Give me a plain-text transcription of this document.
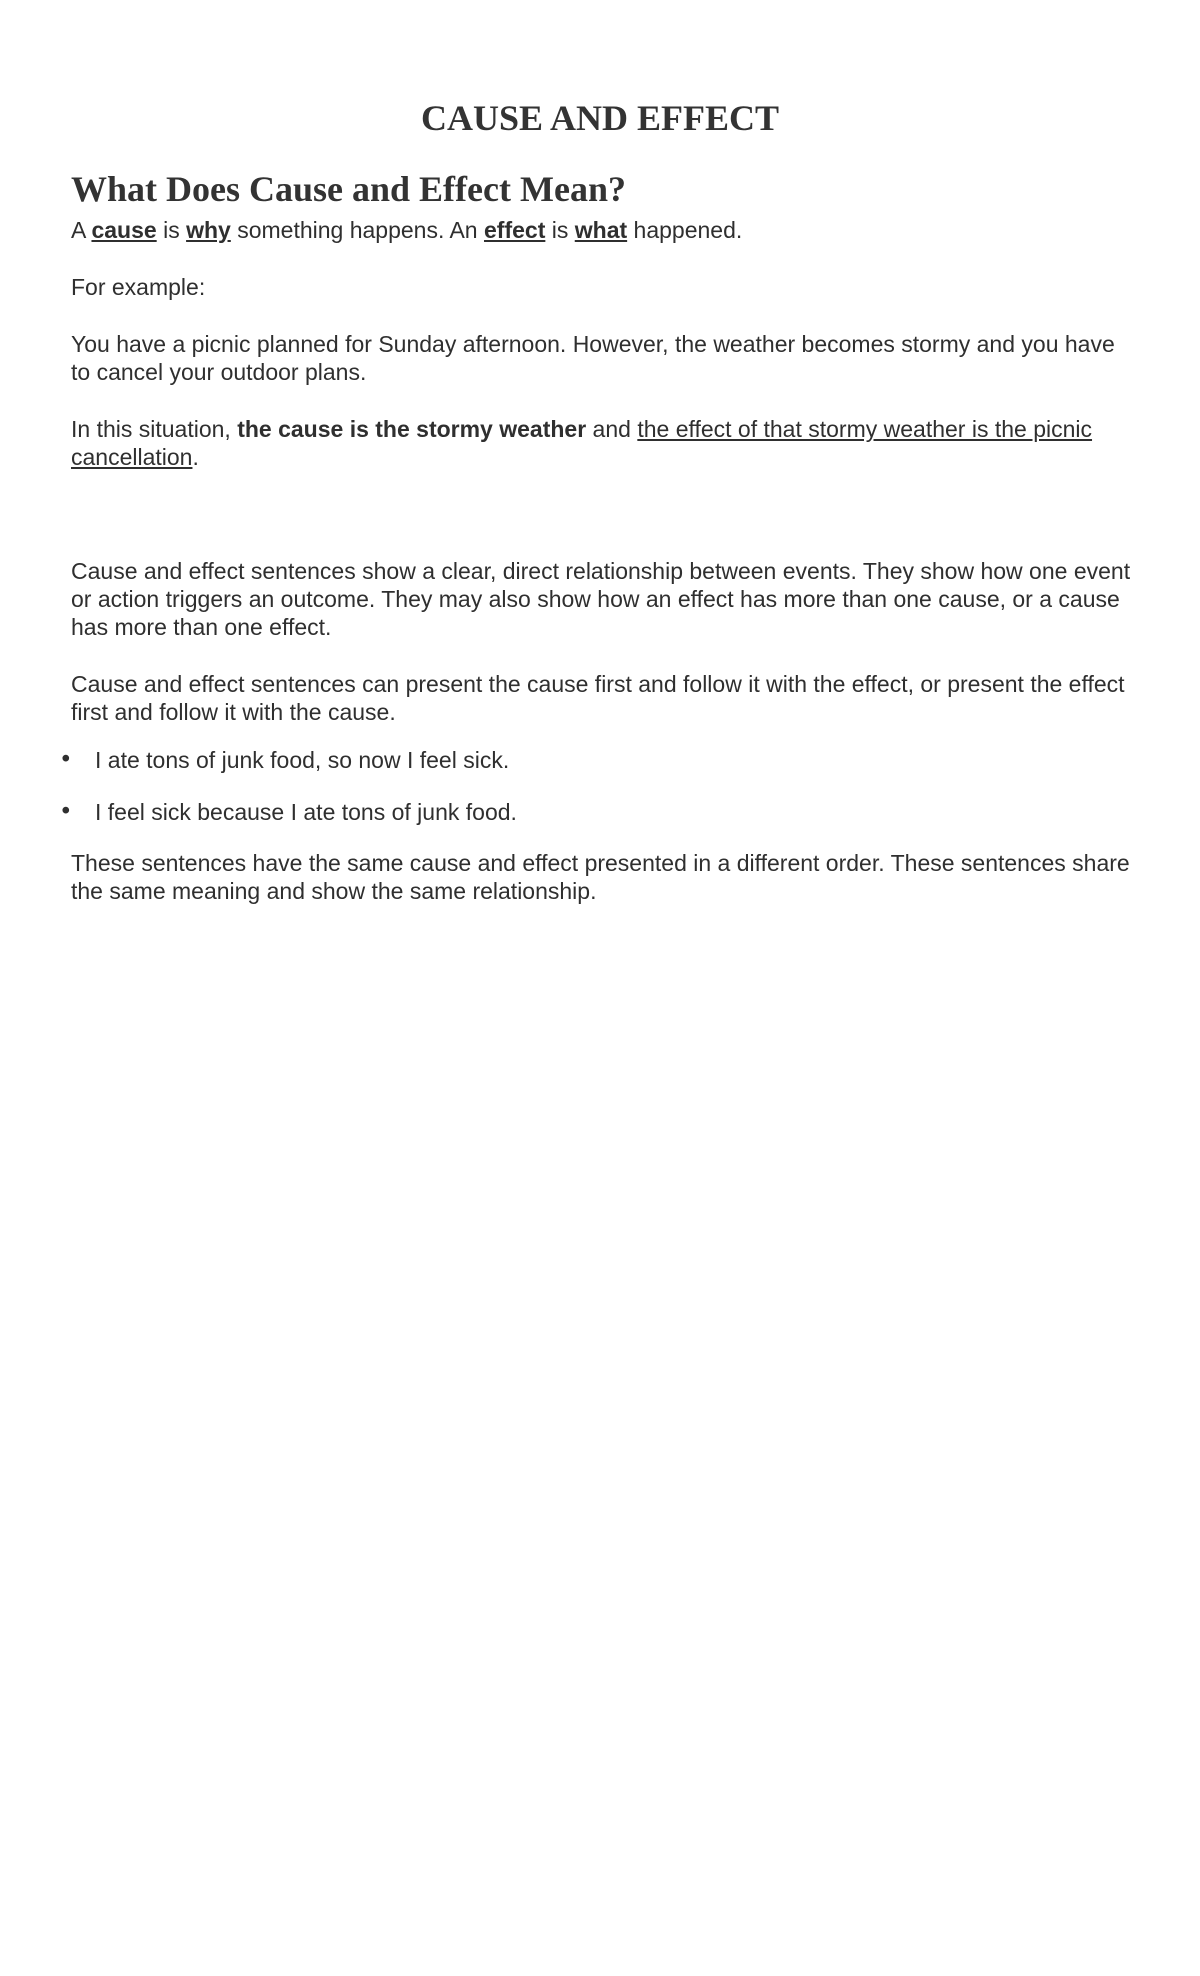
CAUSE AND EFFECT
What Does Cause and Effect Mean?

A cause is why something happens. An effect is what happened.

For example:

You have a picnic planned for Sunday afternoon. However, the weather becomes stormy and you have to cancel your outdoor plans.

In this situation, the cause is the stormy weather and the effect of that stormy weather is the picnic cancellation.

Cause and effect sentences show a clear, direct relationship between events. They show how one event or action triggers an outcome. They may also show how an effect has more than one cause, or a cause has more than one effect.

Cause and effect sentences can present the cause first and follow it with the effect, or present the effect first and follow it with the cause.

• I ate tons of junk food, so now I feel sick.
• I feel sick because I ate tons of junk food.

These sentences have the same cause and effect presented in a different order. These sentences share the same meaning and show the same relationship.
